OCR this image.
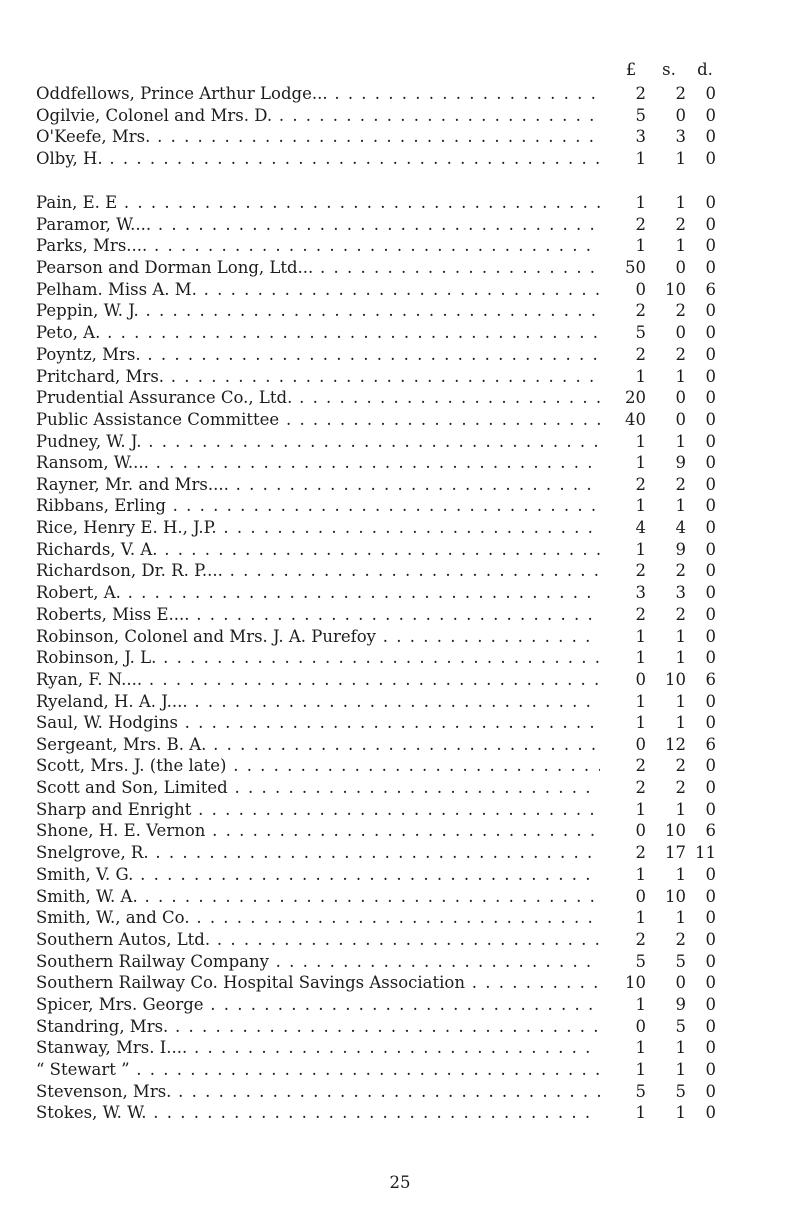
£	s.	d.
Oddfellows, Prince Arthur Lodge... . . .	2	2	0
Ogilvie, Colonel and Mrs. D. . . .	5	0	0
O'Keefe, Mrs. . . .	3	3	0
Olby, H. . . .	1	1	0
Pain, E. E . . .	1	1	0
Paramor, W.... . . .	2	2	0
Parks, Mrs.... . . .	1	1	0
Pearson and Dorman Long, Ltd... . . .	50	0	0
Pelham. Miss A. M. . . .	0	10	6
Peppin, W. J. . . .	2	2	0
Peto, A. . . .	5	0	0
Poyntz, Mrs. . . .	2	2	0
Pritchard, Mrs. . . .	1	1	0
Prudential Assurance Co., Ltd. . . .	20	0	0
Public Assistance Committee . . .	40	0	0
Pudney, W. J. . . .	1	1	0
Ransom, W.... . . .	1	9	0
Rayner, Mr. and Mrs.... . . .	2	2	0
Ribbans, Erling . . .	1	1	0
Rice, Henry E. H., J.P. . . .	4	4	0
Richards, V. A. . . .	1	9	0
Richardson, Dr. R. P.... . . .	2	2	0
Robert, A. . . .	3	3	0
Roberts, Miss E.... . . .	2	2	0
Robinson, Colonel and Mrs. J. A. Purefoy . . .	1	1	0
Robinson, J. L. . . .	1	1	0
Ryan, F. N.... . . .	0	10	6
Ryeland, H. A. J.... . . .	1	1	0
Saul, W. Hodgins . . .	1	1	0
Sergeant, Mrs. B. A. . . .	0	12	6
Scott, Mrs. J. (the late) . . .	2	2	0
Scott and Son, Limited . . .	2	2	0
Sharp and Enright . . .	1	1	0
Shone, H. E. Vernon . . .	0	10	6
Snelgrove, R. . . .	2	17 11
Smith, V. G. . . .	1	1	0
Smith, W. A. . . .	0	10	0
Smith, W., and Co. . . .	1	1	0
Southern Autos, Ltd. . . .	2	2	0
Southern Railway Company . . .	5	5	0
Southern Railway Co. Hospital Savings Association . . .	10	0	0
Spicer, Mrs. George . . .	1	9	0
Standring, Mrs. . . .	0	5	0
Stanway, Mrs. I.... . . .	1	1	0
“ Stewart ” . . .	1	1	0
Stevenson, Mrs. . . .	5	5	0
Stokes, W. W. . . .	1	1	0
25
